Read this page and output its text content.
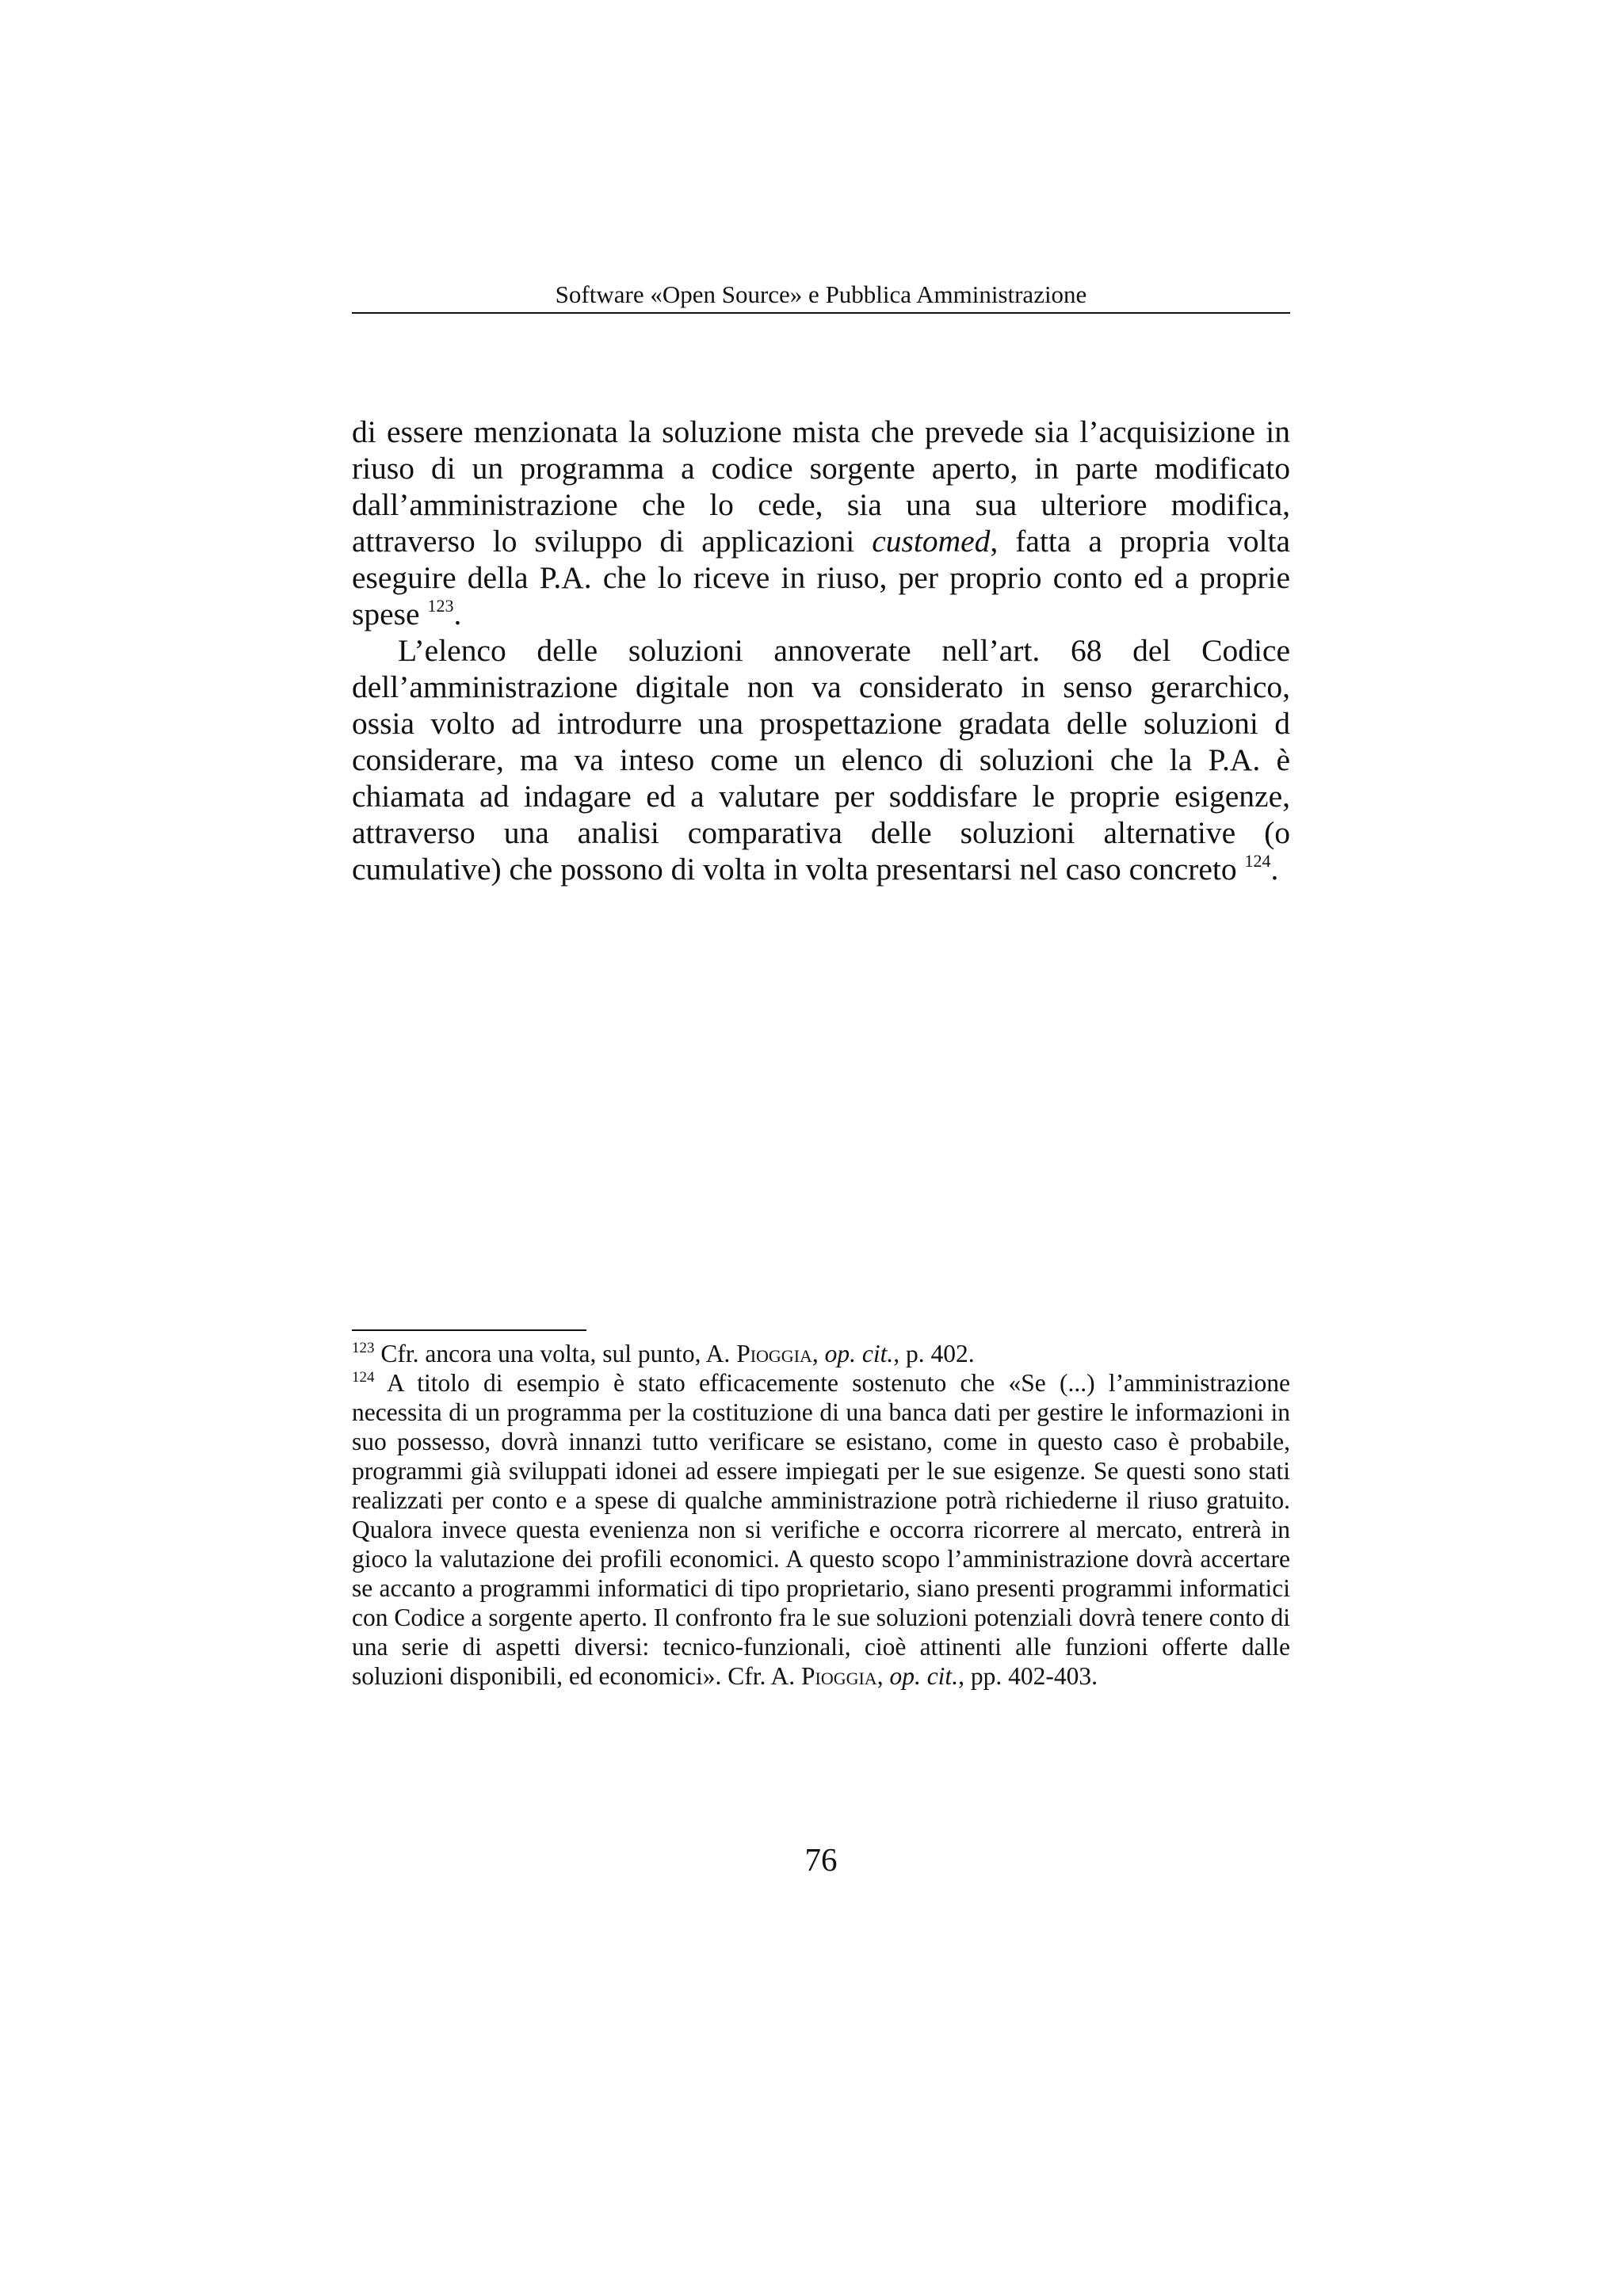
Software «Open Source» e Pubblica Amministrazione

di essere menzionata la soluzione mista che prevede sia l’acquisizione in riuso di un programma a codice sorgente aperto, in parte modificato dall’amministrazione che lo cede, sia una sua ulteriore modifica, attraverso lo sviluppo di applicazioni customed, fatta a propria volta eseguire della P.A. che lo riceve in riuso, per proprio conto ed a proprie spese $^{123}$.

L’elenco delle soluzioni annoverate nell’art. 68 del Codice dell’amministrazione digitale non va considerato in senso gerarchico, ossia volto ad introdurre una prospettazione gradata delle soluzioni d considerare, ma va inteso come un elenco di soluzioni che la P.A. è chiamata ad indagare ed a valutare per soddisfare le proprie esigenze, attraverso una analisi comparativa delle soluzioni alternative (o cumulative) che possono di volta in volta presentarsi nel caso concreto $^{124}$.

$^{123}$ Cfr. ancora una volta, sul punto, A. Pioggia, op. cit., p. 402.

$^{124}$ A titolo di esempio è stato efficacemente sostenuto che «Se (...) l’amministrazione necessita di un programma per la costituzione di una banca dati per gestire le informazioni in suo possesso, dovrà innanzi tutto verificare se esistano, come in questo caso è probabile, programmi già sviluppati idonei ad essere impiegati per le sue esigenze. Se questi sono stati realizzati per conto e a spese di qualche amministrazione potrà richiederne il riuso gratuito. Qualora invece questa evenienza non si verifiche e occorra ricorrere al mercato, entrerà in gioco la valutazione dei profili economici. A questo scopo l’amministrazione dovrà accertare se accanto a programmi informatici di tipo proprietario, siano presenti programmi informatici con Codice a sorgente aperto. Il confronto fra le sue soluzioni potenziali dovrà tenere conto di una serie di aspetti diversi: tecnico-funzionali, cioè attinenti alle funzioni offerte dalle soluzioni disponibili, ed economici». Cfr. A. Pioggia, op. cit., pp. 402-403.

76
